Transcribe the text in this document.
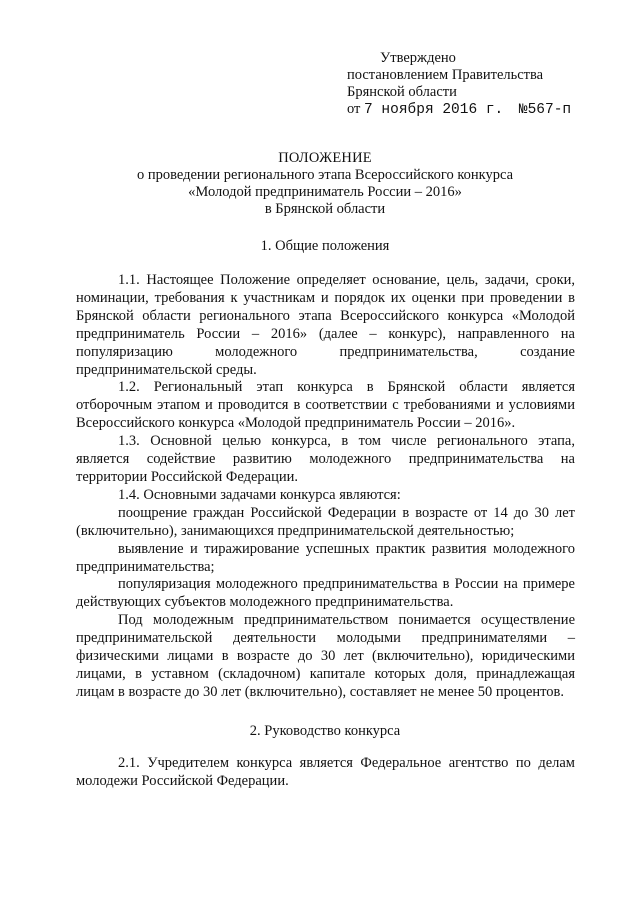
Утверждено
постановлением Правительства
Брянской области
от 7 ноября 2016 г. №567-п
ПОЛОЖЕНИЕ
о проведении регионального этапа Всероссийского конкурса
«Молодой предприниматель России – 2016»
в Брянской области
1. Общие положения

1.1. Настоящее Положение определяет основание, цель, задачи, сроки, номинации, требования к участникам и порядок их оценки при проведении в Брянской области регионального этапа Всероссийского конкурса «Молодой предприниматель России – 2016» (далее – конкурс), направленного на популяризацию молодежного предпринимательства, создание предпринимательской среды.

1.2. Региональный этап конкурса в Брянской области является отборочным этапом и проводится в соответствии с требованиями и условиями Всероссийского конкурса «Молодой предприниматель России – 2016».

1.3. Основной целью конкурса, в том числе регионального этапа, является содействие развитию молодежного предпринимательства на территории Российской Федерации.

1.4. Основными задачами конкурса являются:

поощрение граждан Российской Федерации в возрасте от 14 до 30 лет (включительно), занимающихся предпринимательской деятельностью;

выявление и тиражирование успешных практик развития молодежного предпринимательства;

популяризация молодежного предпринимательства в России на примере действующих субъектов молодежного предпринимательства.

Под молодежным предпринимательством понимается осуществление предпринимательской деятельности молодыми предпринимателями – физическими лицами в возрасте до 30 лет (включительно), юридическими лицами, в уставном (складочном) капитале которых доля, принадлежащая лицам в возрасте до 30 лет (включительно), составляет не менее 50 процентов.

2. Руководство конкурса

2.1. Учредителем конкурса является Федеральное агентство по делам молодежи Российской Федерации.
